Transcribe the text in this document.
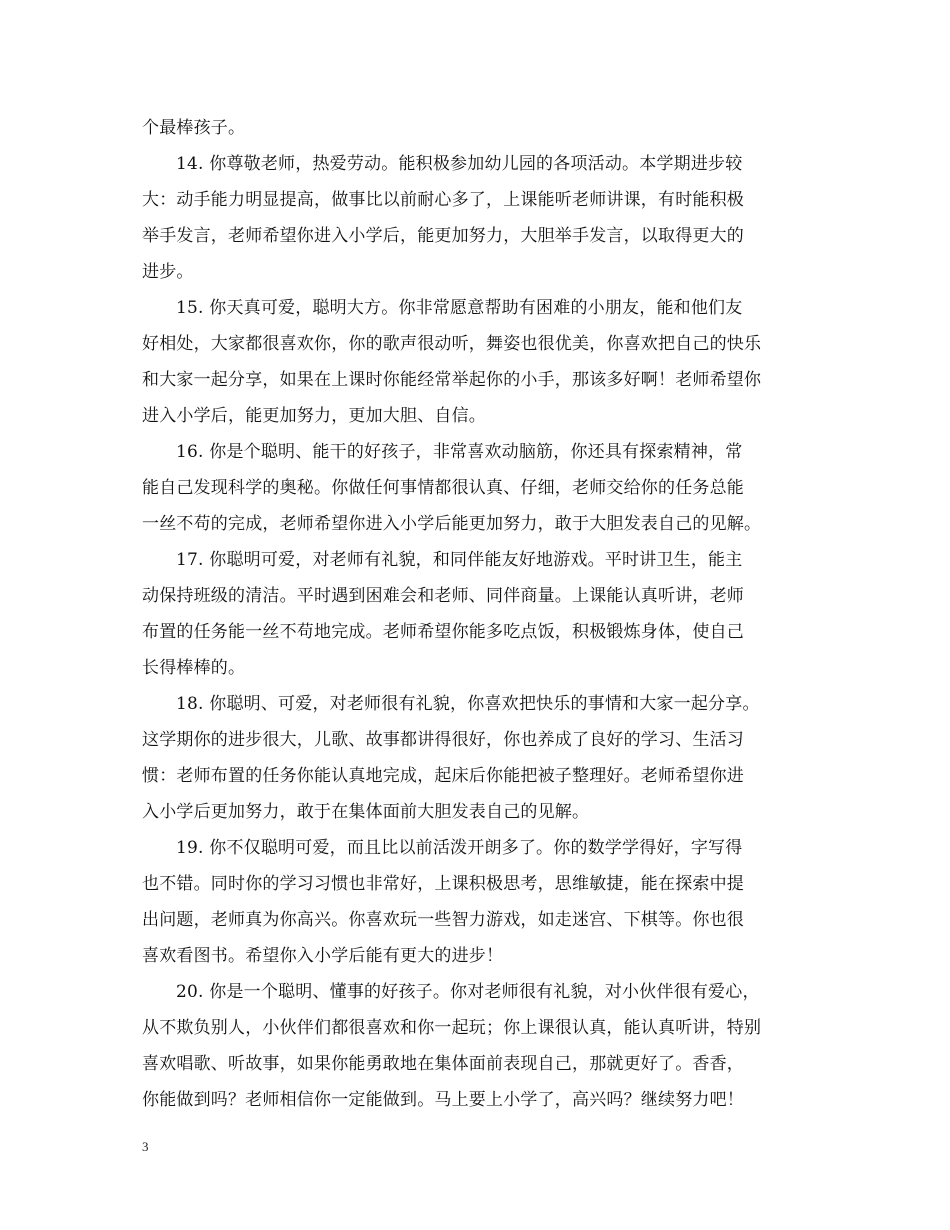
个最棒孩子。
14. 你尊敬老师，热爱劳动。能积极参加幼儿园的各项活动。本学期进步较
大：动手能力明显提高，做事比以前耐心多了，上课能听老师讲课，有时能积极
举手发言，老师希望你进入小学后，能更加努力，大胆举手发言，以取得更大的
进步。
15. 你天真可爱，聪明大方。你非常愿意帮助有困难的小朋友，能和他们友
好相处，大家都很喜欢你，你的歌声很动听，舞姿也很优美，你喜欢把自己的快乐
和大家一起分享，如果在上课时你能经常举起你的小手，那该多好啊！老师希望你
进入小学后，能更加努力，更加大胆、自信。
16. 你是个聪明、能干的好孩子，非常喜欢动脑筋，你还具有探索精神，常
能自己发现科学的奥秘。你做任何事情都很认真、仔细，老师交给你的任务总能
一丝不苟的完成，老师希望你进入小学后能更加努力，敢于大胆发表自己的见解。
17. 你聪明可爱，对老师有礼貌，和同伴能友好地游戏。平时讲卫生，能主
动保持班级的清洁。平时遇到困难会和老师、同伴商量。上课能认真听讲，老师
布置的任务能一丝不苟地完成。老师希望你能多吃点饭，积极锻炼身体，使自己
长得棒棒的。
18. 你聪明、可爱，对老师很有礼貌，你喜欢把快乐的事情和大家一起分享。
这学期你的进步很大，儿歌、故事都讲得很好，你也养成了良好的学习、生活习
惯：老师布置的任务你能认真地完成，起床后你能把被子整理好。老师希望你进
入小学后更加努力，敢于在集体面前大胆发表自己的见解。
19. 你不仅聪明可爱，而且比以前活泼开朗多了。你的数学学得好，字写得
也不错。同时你的学习习惯也非常好，上课积极思考，思维敏捷，能在探索中提
出问题，老师真为你高兴。你喜欢玩一些智力游戏，如走迷宫、下棋等。你也很
喜欢看图书。希望你入小学后能有更大的进步！
20. 你是一个聪明、懂事的好孩子。你对老师很有礼貌，对小伙伴很有爱心，
从不欺负别人，小伙伴们都很喜欢和你一起玩；你上课很认真，能认真听讲，特别
喜欢唱歌、听故事，如果你能勇敢地在集体面前表现自己，那就更好了。香香，
你能做到吗？老师相信你一定能做到。马上要上小学了，高兴吗？继续努力吧！
3
